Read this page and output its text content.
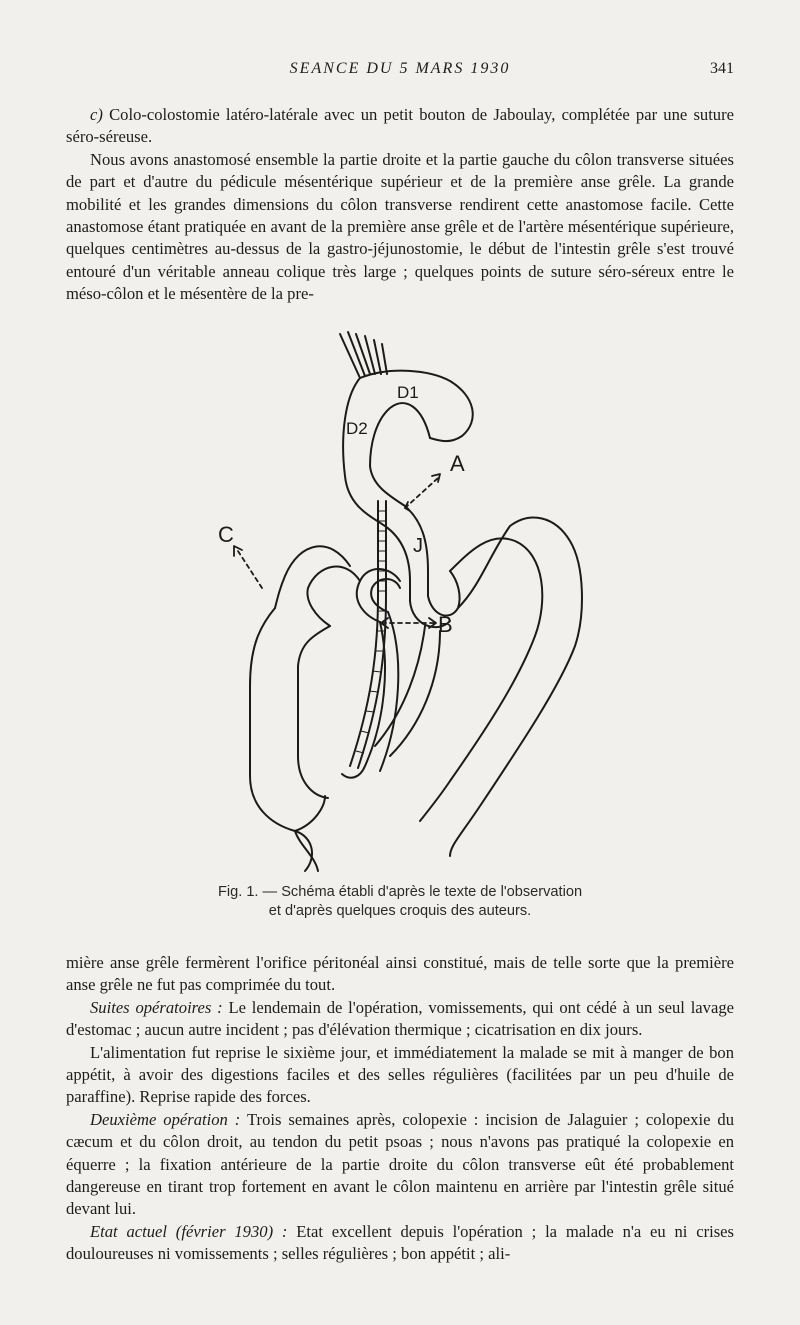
SEANCE DU 5 MARS 1930	341

c) Colo-colostomie latéro-latérale avec un petit bouton de Jaboulay, complétée par une suture séro-séreuse.

Nous avons anastomosé ensemble la partie droite et la partie gauche du côlon transverse situées de part et d'autre du pédicule mésentérique supérieur et de la première anse grêle. La grande mobilité et les grandes dimensions du côlon transverse rendirent cette anastomose facile. Cette anastomose étant pratiquée en avant de la première anse grêle et de l'artère mésentérique supérieure, quelques centimètres au-dessus de la gastro-jéjunostomie, le début de l'intestin grêle s'est trouvé entouré d'un véritable anneau colique très large ; quelques points de suture séro-séreux entre le méso-côlon et le mésentère de la pre-

D1
D2
A
J
B
C
Fig. 1. — Schéma établi d'après le texte de l'observation
et d'après quelques croquis des auteurs.

mière anse grêle fermèrent l'orifice péritonéal ainsi constitué, mais de telle sorte que la première anse grêle ne fut pas comprimée du tout.

Suites opératoires : Le lendemain de l'opération, vomissements, qui ont cédé à un seul lavage d'estomac ; aucun autre incident ; pas d'élévation thermique ; cicatrisation en dix jours.

L'alimentation fut reprise le sixième jour, et immédiatement la malade se mit à manger de bon appétit, à avoir des digestions faciles et des selles régulières (facilitées par un peu d'huile de paraffine). Reprise rapide des forces.

Deuxième opération : Trois semaines après, colopexie : incision de Jalaguier ; colopexie du cæcum et du côlon droit, au tendon du petit psoas ; nous n'avons pas pratiqué la colopexie en équerre ; la fixation antérieure de la partie droite du côlon transverse eût été probablement dangereuse en tirant trop fortement en avant le côlon maintenu en arrière par l'intestin grêle situé devant lui.

Etat actuel (février 1930) : Etat excellent depuis l'opération ; la malade n'a eu ni crises douloureuses ni vomissements ; selles régulières ; bon appétit ; ali-
